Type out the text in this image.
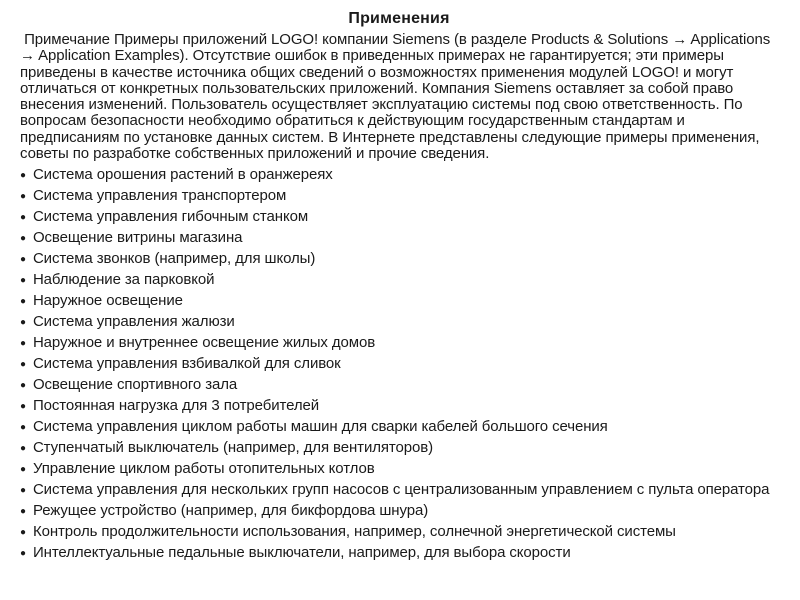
Применения
Примечание Примеры приложений LOGO! компании Siemens (в разделе Products & Solutions → Applications → Application Examples). Отсутствие ошибок в приведенных примерах не гарантируется; эти примеры приведены в качестве источника общих сведений о возможностях применения модулей LOGO! и могут отличаться от конкретных пользовательских приложений. Компания Siemens оставляет за собой право внесения изменений. Пользователь осуществляет эксплуатацию системы под свою ответственность. По вопросам безопасности необходимо обратиться к действующим государственным стандартам и предписаниям по установке данных систем. В Интернете представлены следующие примеры применения, советы по разработке собственных приложений и прочие сведения.
● Система орошения растений в оранжереях
● Система управления транспортером
● Система управления гибочным станком
● Освещение витрины магазина
● Система звонков (например, для школы)
● Наблюдение за парковкой
● Наружное освещение
● Система управления жалюзи
● Наружное и внутреннее освещение жилых домов
● Система управления взбивалкой для сливок
● Освещение спортивного зала
● Постоянная нагрузка для 3 потребителей
● Система управления циклом работы машин для сварки кабелей большого сечения
● Ступенчатый выключатель (например, для вентиляторов)
● Управление циклом работы отопительных котлов
● Система управления для нескольких групп насосов с централизованным управлением с пульта оператора
● Режущее устройство (например, для бикфордова шнура)
● Контроль продолжительности использования, например, солнечной энергетической системы
● Интеллектуальные педальные выключатели, например, для выбора скорости
